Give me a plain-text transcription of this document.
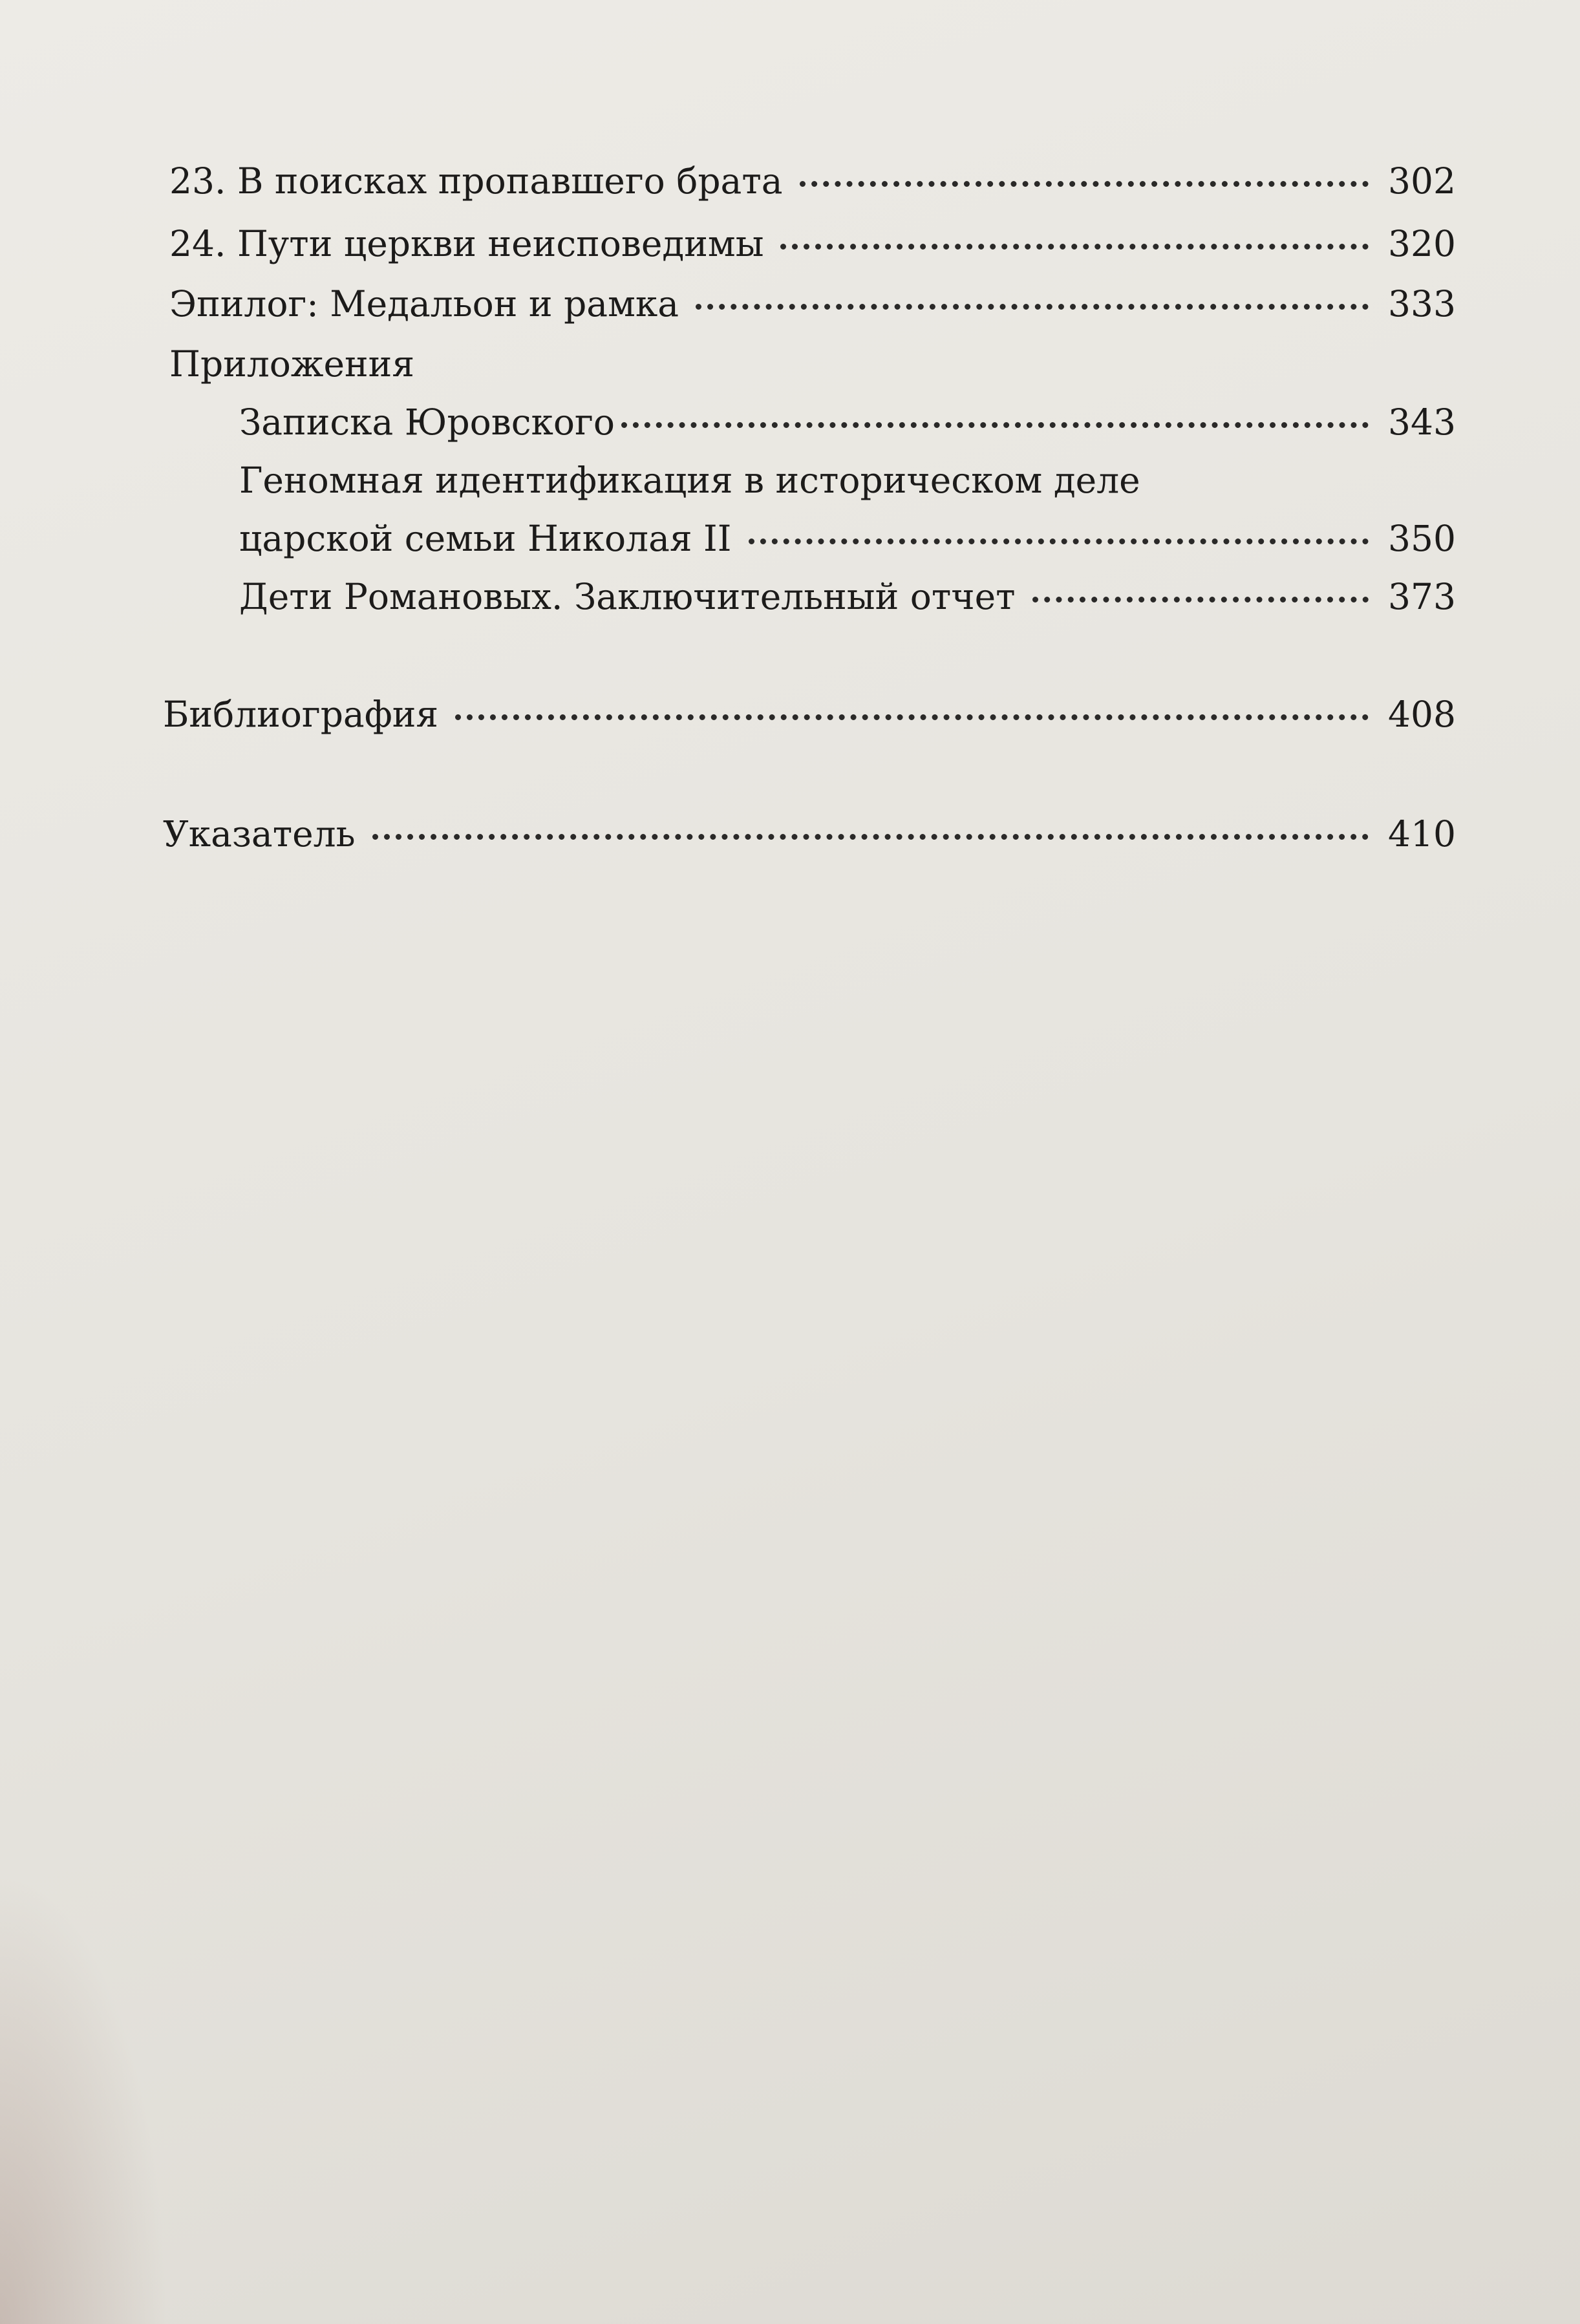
23. В поисках пропавшего брата	302
24. Пути церкви неисповедимы	320
Эпилог: Медальон и рамка	333
Приложения
Записка Юровского	343
Геномная идентификация в историческом деле
царской семьи Николая II	350
Дети Романовых. Заключительный отчет	373
Библиография	408
Указатель	410
